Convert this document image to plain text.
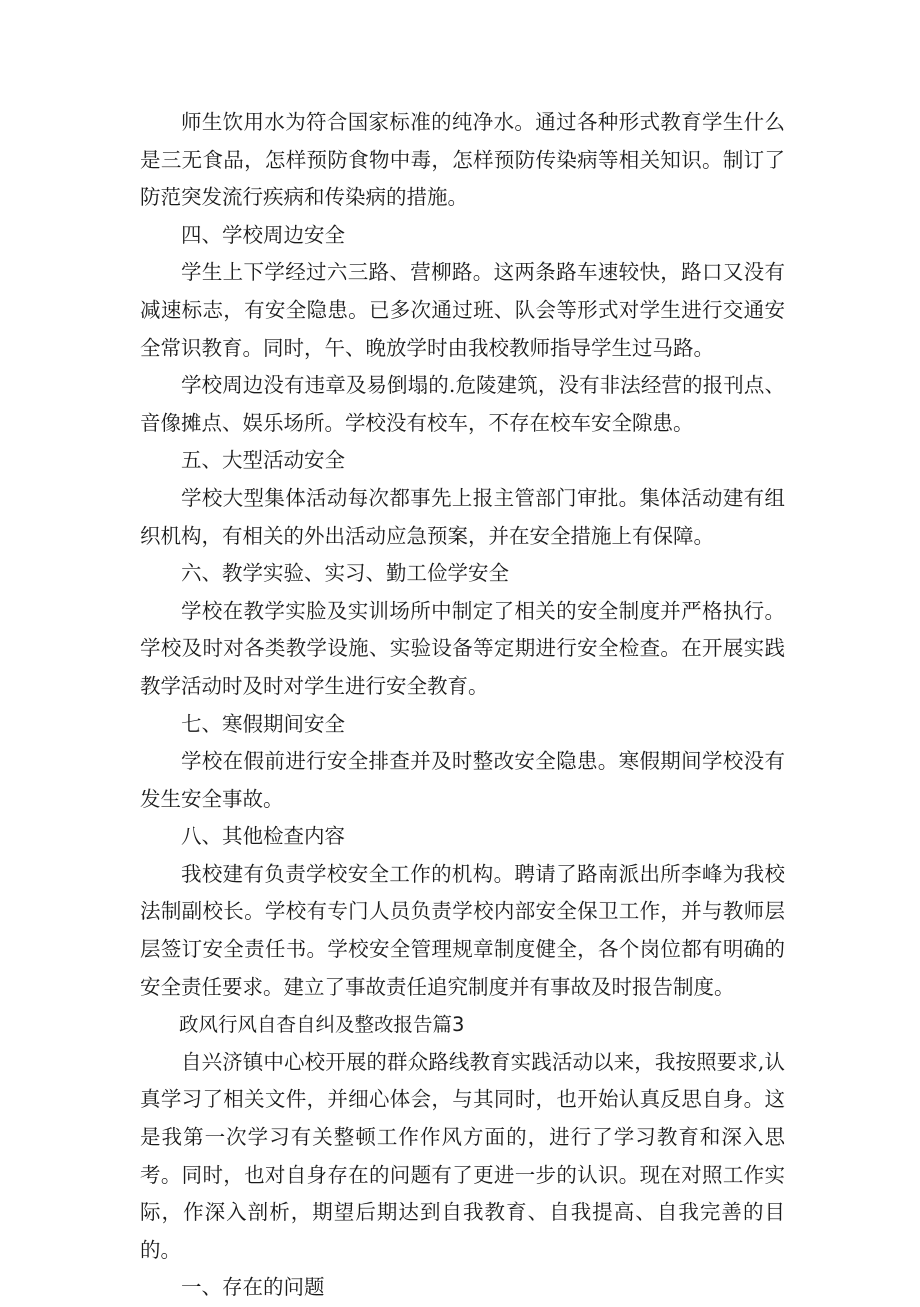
师生饮用水为符合国家标准的纯净水。通过各种形式教育学生什么是三无食品，怎样预防食物中毒，怎样预防传染病等相关知识。制订了防范突发流行疾病和传染病的措施。

四、学校周边安全

学生上下学经过六三路、营柳路。这两条路车速较快，路口又没有减速标志，有安全隐患。已多次通过班、队会等形式对学生进行交通安全常识教育。同时，午、晚放学时由我校教师指导学生过马路。

学校周边没有违章及易倒塌的.危陵建筑，没有非法经营的报刊点、音像摊点、娱乐场所。学校没有校车，不存在校车安全隙患。

五、大型活动安全

学校大型集体活动每次都事先上报主管部门审批。集体活动建有组织机构，有相关的外出活动应急预案，并在安全措施上有保障。

六、教学实验、实习、勤工俭学安全

学校在教学实脸及实训场所中制定了相关的安全制度并严格执行。学校及时对各类教学设施、实验设备等定期进行安全检查。在开展实践教学活动时及时对学生进行安全教育。

七、寒假期间安全

学校在假前进行安全排查并及时整改安全隐患。寒假期间学校没有发生安全事故。

八、其他检查内容

我校建有负责学校安全工作的机构。聘请了路南派出所李峰为我校法制副校长。学校有专门人员负责学校内部安全保卫工作，并与教师层层签订安全责任书。学校安全管理规章制度健全，各个岗位都有明确的安全责任要求。建立了事故责任追究制度并有事故及时报告制度。

政风行风自杳自纠及整改报告篇3

自兴济镇中心校开展的群众路线教育实践活动以来，我按照要求,认真学习了相关文件，并细心体会，与其同时，也开始认真反思自身。这是我第一次学习有关整顿工作作风方面的，进行了学习教育和深入思考。同时，也对自身存在的问题有了更进一步的认识。现在对照工作实际，作深入剖析，期望后期达到自我教育、自我提高、自我完善的目的。

一、存在的问题
